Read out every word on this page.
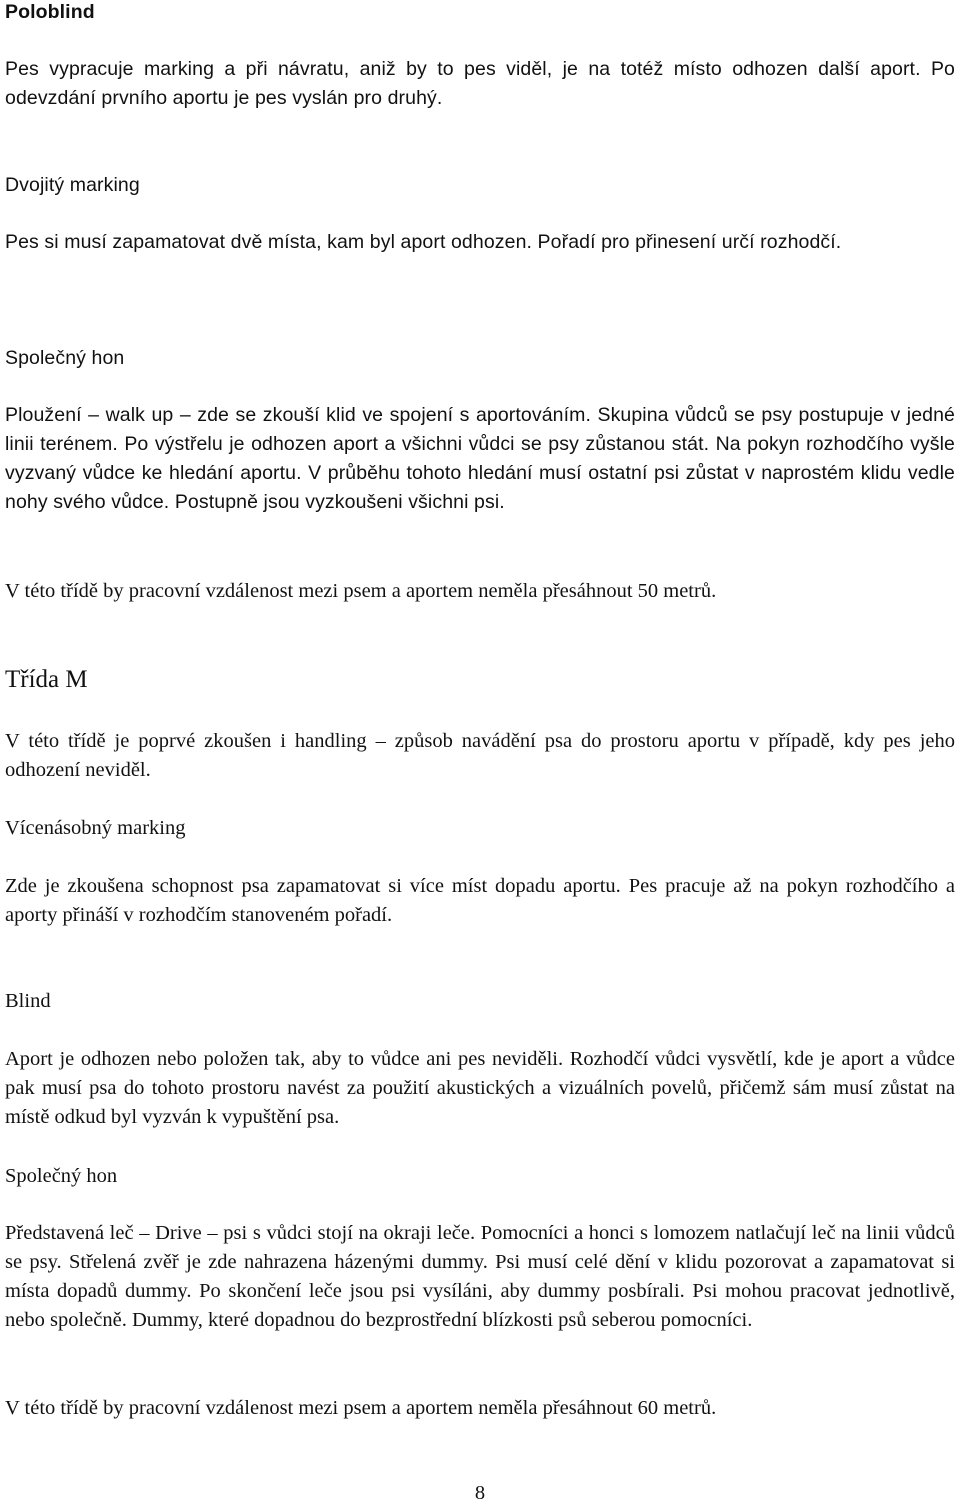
Poloblind

Pes vypracuje marking a při návratu, aniž by to pes viděl, je na totéž místo odhozen další aport. Po odevzdání prvního aportu je pes vyslán pro druhý.

Dvojitý marking

Pes si musí zapamatovat dvě místa, kam byl aport odhozen. Pořadí pro přinesení určí rozhodčí.

Společný hon

Ploužení – walk up – zde se zkouší klid ve spojení s aportováním. Skupina vůdců se psy postupuje v jedné linii terénem. Po výstřelu je odhozen aport a všichni vůdci se psy zůstanou stát. Na pokyn rozhodčího vyšle vyzvaný vůdce ke hledání aportu. V průběhu tohoto hledání musí ostatní psi zůstat v naprostém klidu vedle nohy svého vůdce. Postupně jsou vyzkoušeni všichni psi.

V této třídě by pracovní vzdálenost mezi psem a aportem neměla přesáhnout 50 metrů.

Třída M

V této třídě je poprvé zkoušen i handling – způsob navádění psa do prostoru aportu v případě, kdy pes jeho odhození neviděl.

Vícenásobný marking

Zde je zkoušena schopnost psa zapamatovat si více míst dopadu aportu. Pes pracuje až na pokyn rozhodčího a aporty přináší v rozhodčím stanoveném pořadí.

Blind

Aport je odhozen nebo položen tak, aby to vůdce ani pes neviděli. Rozhodčí vůdci vysvětlí, kde je aport a vůdce pak musí psa do tohoto prostoru navést za použití akustických a vizuálních povelů, přičemž sám musí zůstat na místě odkud byl vyzván k vypuštění psa.

Společný hon

Představená leč – Drive – psi s vůdci stojí na okraji leče. Pomocníci a honci s lomozem natlačují leč na linii vůdců se psy. Střelená zvěř je zde nahrazena házenými dummy. Psi musí celé dění v klidu pozorovat a zapamatovat si místa dopadů dummy. Po skončení leče jsou psi vysíláni, aby dummy posbírali. Psi mohou pracovat jednotlivě, nebo společně. Dummy, které dopadnou do bezprostřední blízkosti psů seberou pomocníci.

V této třídě by pracovní vzdálenost mezi psem a aportem neměla přesáhnout 60 metrů.

8
